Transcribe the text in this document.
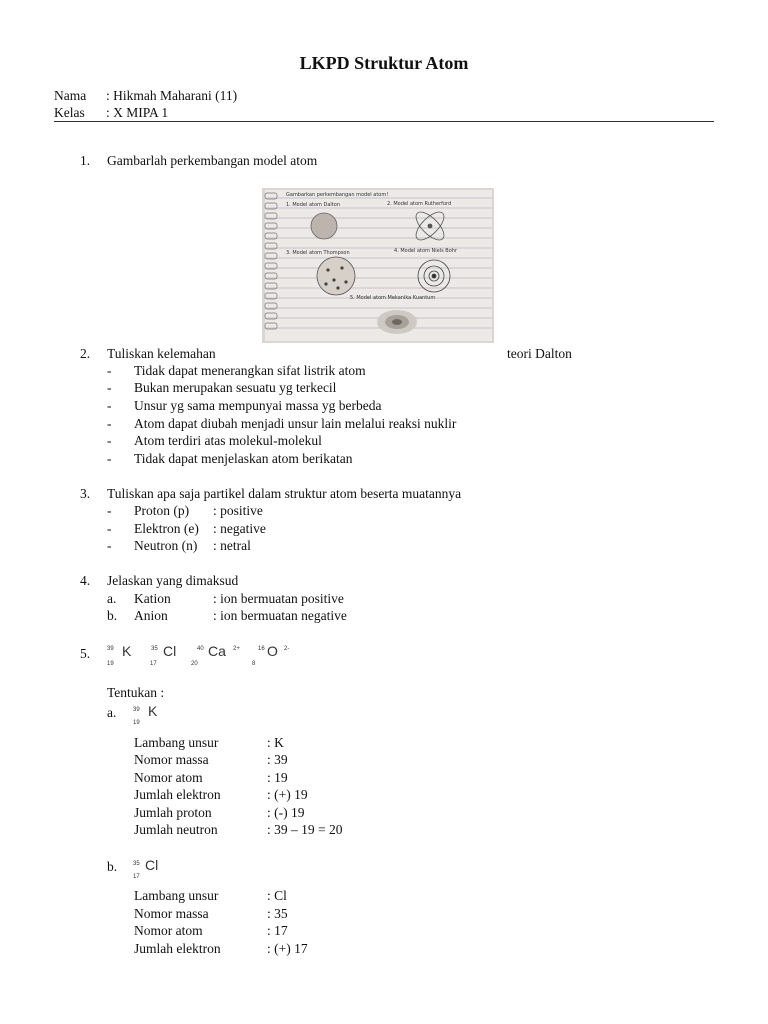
LKPD Struktur Atom
Nama : Hikmah Maharani (11)
Kelas : X MIPA 1
1. Gambarlah perkembangan model atom
Gambarkan perkembangan model atom!
1. Model atom Dalton	2. Model atom Rutherford
3. Model atom Thompson	4. Model atom Niels Bohr
5. Model atom Mekanika Kuantum
2. Tuliskan kelemahan	teori Dalton
- Tidak dapat menerangkan sifat listrik atom
- Bukan merupakan sesuatu yg terkecil
- Unsur yg sama mempunyai massa yg berbeda
- Atom dapat diubah menjadi unsur lain melalui reaksi nuklir
- Atom terdiri atas molekul-molekul
- Tidak dapat menjelaskan atom berikatan
3. Tuliskan apa saja partikel dalam struktur atom beserta muatannya
- Proton (p) : positive
- Elektron (e) : negative
- Neutron (n) : netral
4. Jelaskan yang dimaksud
a. Kation	: ion bermuatan positive
b. Anion	: ion bermuatan negative
5.	39 K
19
35 Cl
17
40 Ca 2+
20
16 O 2-
8
Tentukan :
a.	39 K
19
Lambang unsur	: K
Nomor massa	: 39
Nomor atom	: 19
Jumlah elektron	: (+) 19
Jumlah proton	: (-) 19
Jumlah neutron	: 39 – 19 = 20
b.	35 Cl
17
Lambang unsur	: Cl
Nomor massa	: 35
Nomor atom	: 17
Jumlah elektron	: (+) 17
